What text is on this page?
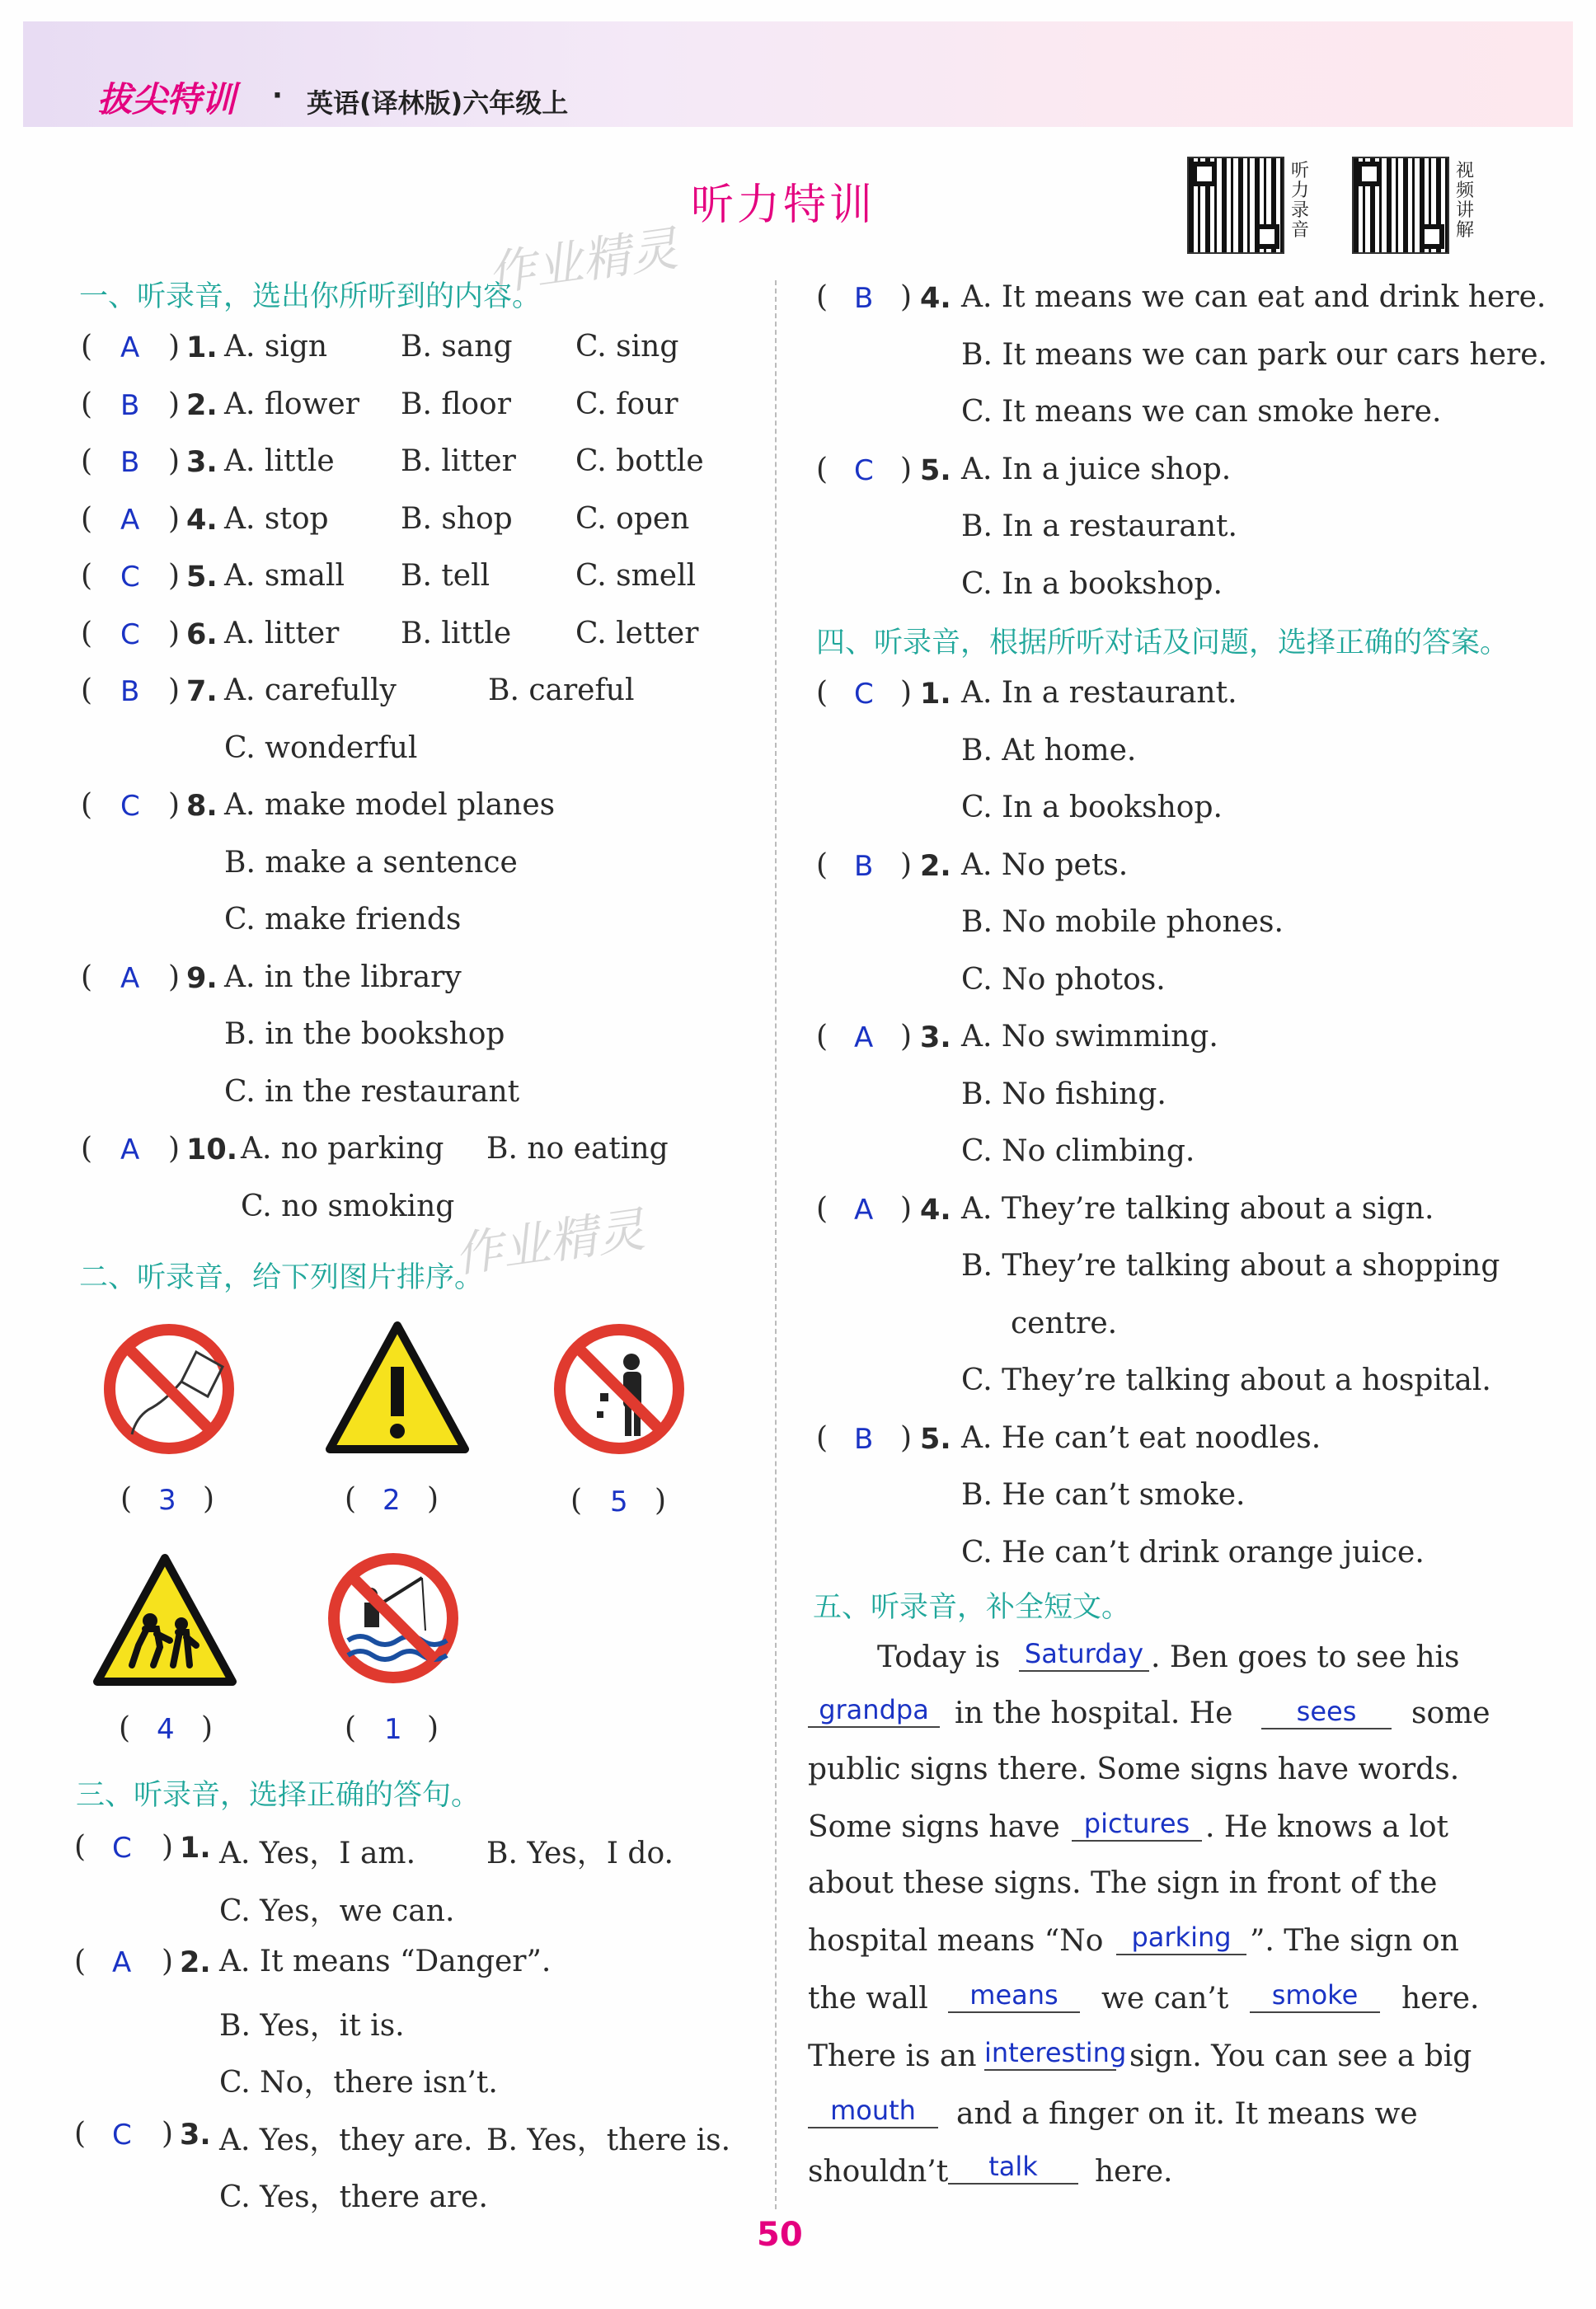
拔尖特训 · 英语(译林版)六年级上
听力特训
听力录音
视频讲解
作业精灵
作业精灵
一、听录音，选出你所听到的内容。
( A ) 1. A. sign B. sang C. sing
( B ) 2. A. flower B. floor C. four
( B ) 3. A. little B. litter C. bottle
( A ) 4. A. stop B. shop C. open
( C ) 5. A. small B. tell	C. smell
( C ) 6. A. litter B. little C. letter
( B ) 7. A. carefully	B. careful
C. wonderful
( C ) 8. A. make model planes
B. make a sentence
C. make friends
( A ) 9. A. in the library
B. in the bookshop
C. in the restaurant
( A ) 10. A. no parking B. no eating
C. no smoking
三、听录音，选择正确的答句。
( C ) 1. A. Yes，I am. B. Yes，I do.
C. Yes，we can.
( A ) 2. A. It means “Danger”.
B. Yes，it is.
C. No，there isn’t.
( C ) 3. A. Yes，they are. B. Yes，there is.
C. Yes，there are.
( B ) 4. A. It means we can eat and drink here.
B. It means we can park our cars here.
C. It means we can smoke here.
( C ) 5. A. In a juice shop.
B. In a restaurant.
C. In a bookshop.
四、听录音，根据所听对话及问题，选择正确的答案。
( C ) 1. A. In a restaurant.
B. At home.
C. In a bookshop.
( B ) 2. A. No pets.
B. No mobile phones.
C. No photos.
( A ) 3. A. No swimming.
B. No fishing.
C. No climbing.
( A ) 4. A. They’re talking about a sign.
B. They’re talking about a shopping
centre.
C. They’re talking about a hospital.
( B ) 5. A. He can’t eat noodles.
B. He can’t smoke.
C. He can’t drink orange juice.
二、听录音，给下列图片排序。
( 3 )	( 2 )	( 5 )
( 4 )	( 1 )
五、听录音，补全短文。
Today is Saturday . Ben goes to see his
grandpa in the hospital. He	sees	some
public signs there. Some signs have words.
Some signs have pictures . He knows a lot
about these signs. The sign in front of the
hospital means “No	parking ”. The sign on
the wall	means	we can’t	smoke	here.
There is an interesting sign. You can see a big
mouth	and a finger on it. It means we
shouldn’t	talk	here.
50
